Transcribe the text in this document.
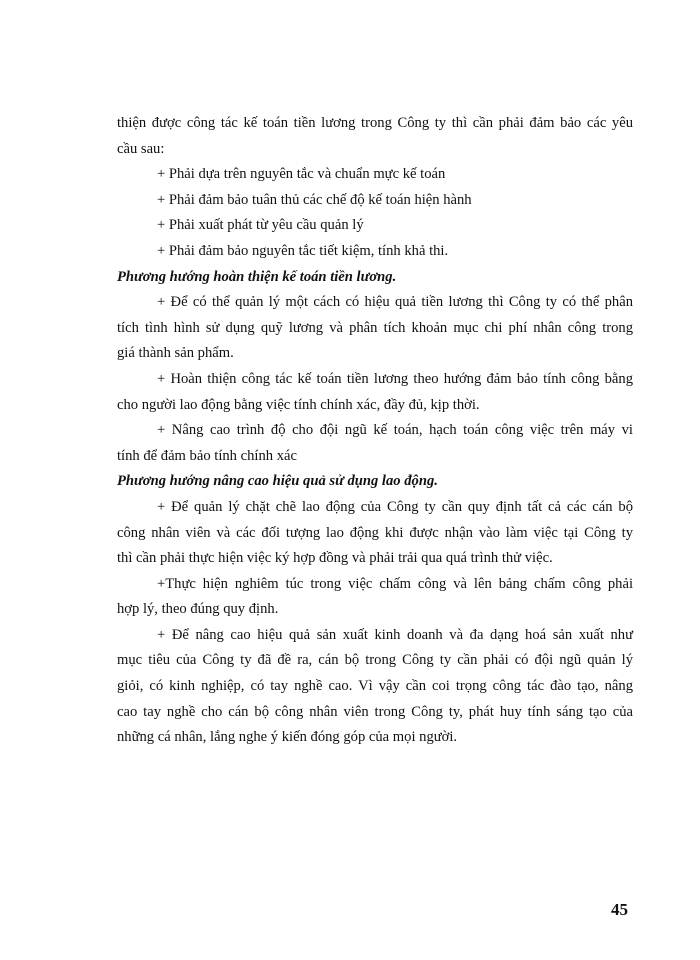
thiện được công tác kế toán tiền lương trong Công ty thì cần phải đảm bảo các yêu
cầu sau:
+ Phải dựa trên nguyên tắc và chuẩn mực kế toán
+ Phải đảm bảo tuân thủ các chế độ kế toán hiện hành
+ Phải xuất phát từ yêu cầu quản lý
+ Phải đảm bảo nguyên tắc tiết kiệm, tính khả thi.
Phương hướng hoàn thiện kế toán tiền lương.
+ Để có thể quản lý một cách có hiệu quả tiền lương thì Công ty có thể phân
tích tình hình sử dụng quỹ lương và phân tích khoản mục chi phí nhân công trong
giá thành sản phẩm.
+ Hoàn thiện công tác kế toán tiền lương theo hướng đảm bảo tính công bằng
cho người lao động bằng việc tính chính xác, đầy đủ, kịp thời.
+ Nâng cao trình độ cho đội ngũ kế toán, hạch toán công việc trên máy vi
tính để đảm bảo tính chính xác
Phương hướng nâng cao hiệu quả sử dụng lao động.
+ Để quản lý chặt chẽ lao động của Công ty cần quy định tất cả các cán bộ
công nhân viên và các đối tượng lao động khi được nhận vào làm việc tại Công ty
thì cần phải thực hiện việc ký hợp đồng và phải trải qua quá trình thử việc.
+Thực hiện nghiêm túc trong việc chấm công và lên bảng chấm công phải
hợp lý, theo đúng quy định.
+ Để nâng cao hiệu quả sản xuất kinh doanh và đa dạng hoá sản xuất như
mục tiêu của Công ty đã đề ra, cán bộ trong Công ty cần phải có đội ngũ quản lý
giỏi, có kinh nghiệp, có tay nghề cao. Vì vậy cần coi trọng công tác đào tạo, nâng
cao tay nghề cho cán bộ công nhân viên trong Công ty, phát huy tính sáng tạo của
những cá nhân, lắng nghe ý kiến đóng góp của mọi người.
45
